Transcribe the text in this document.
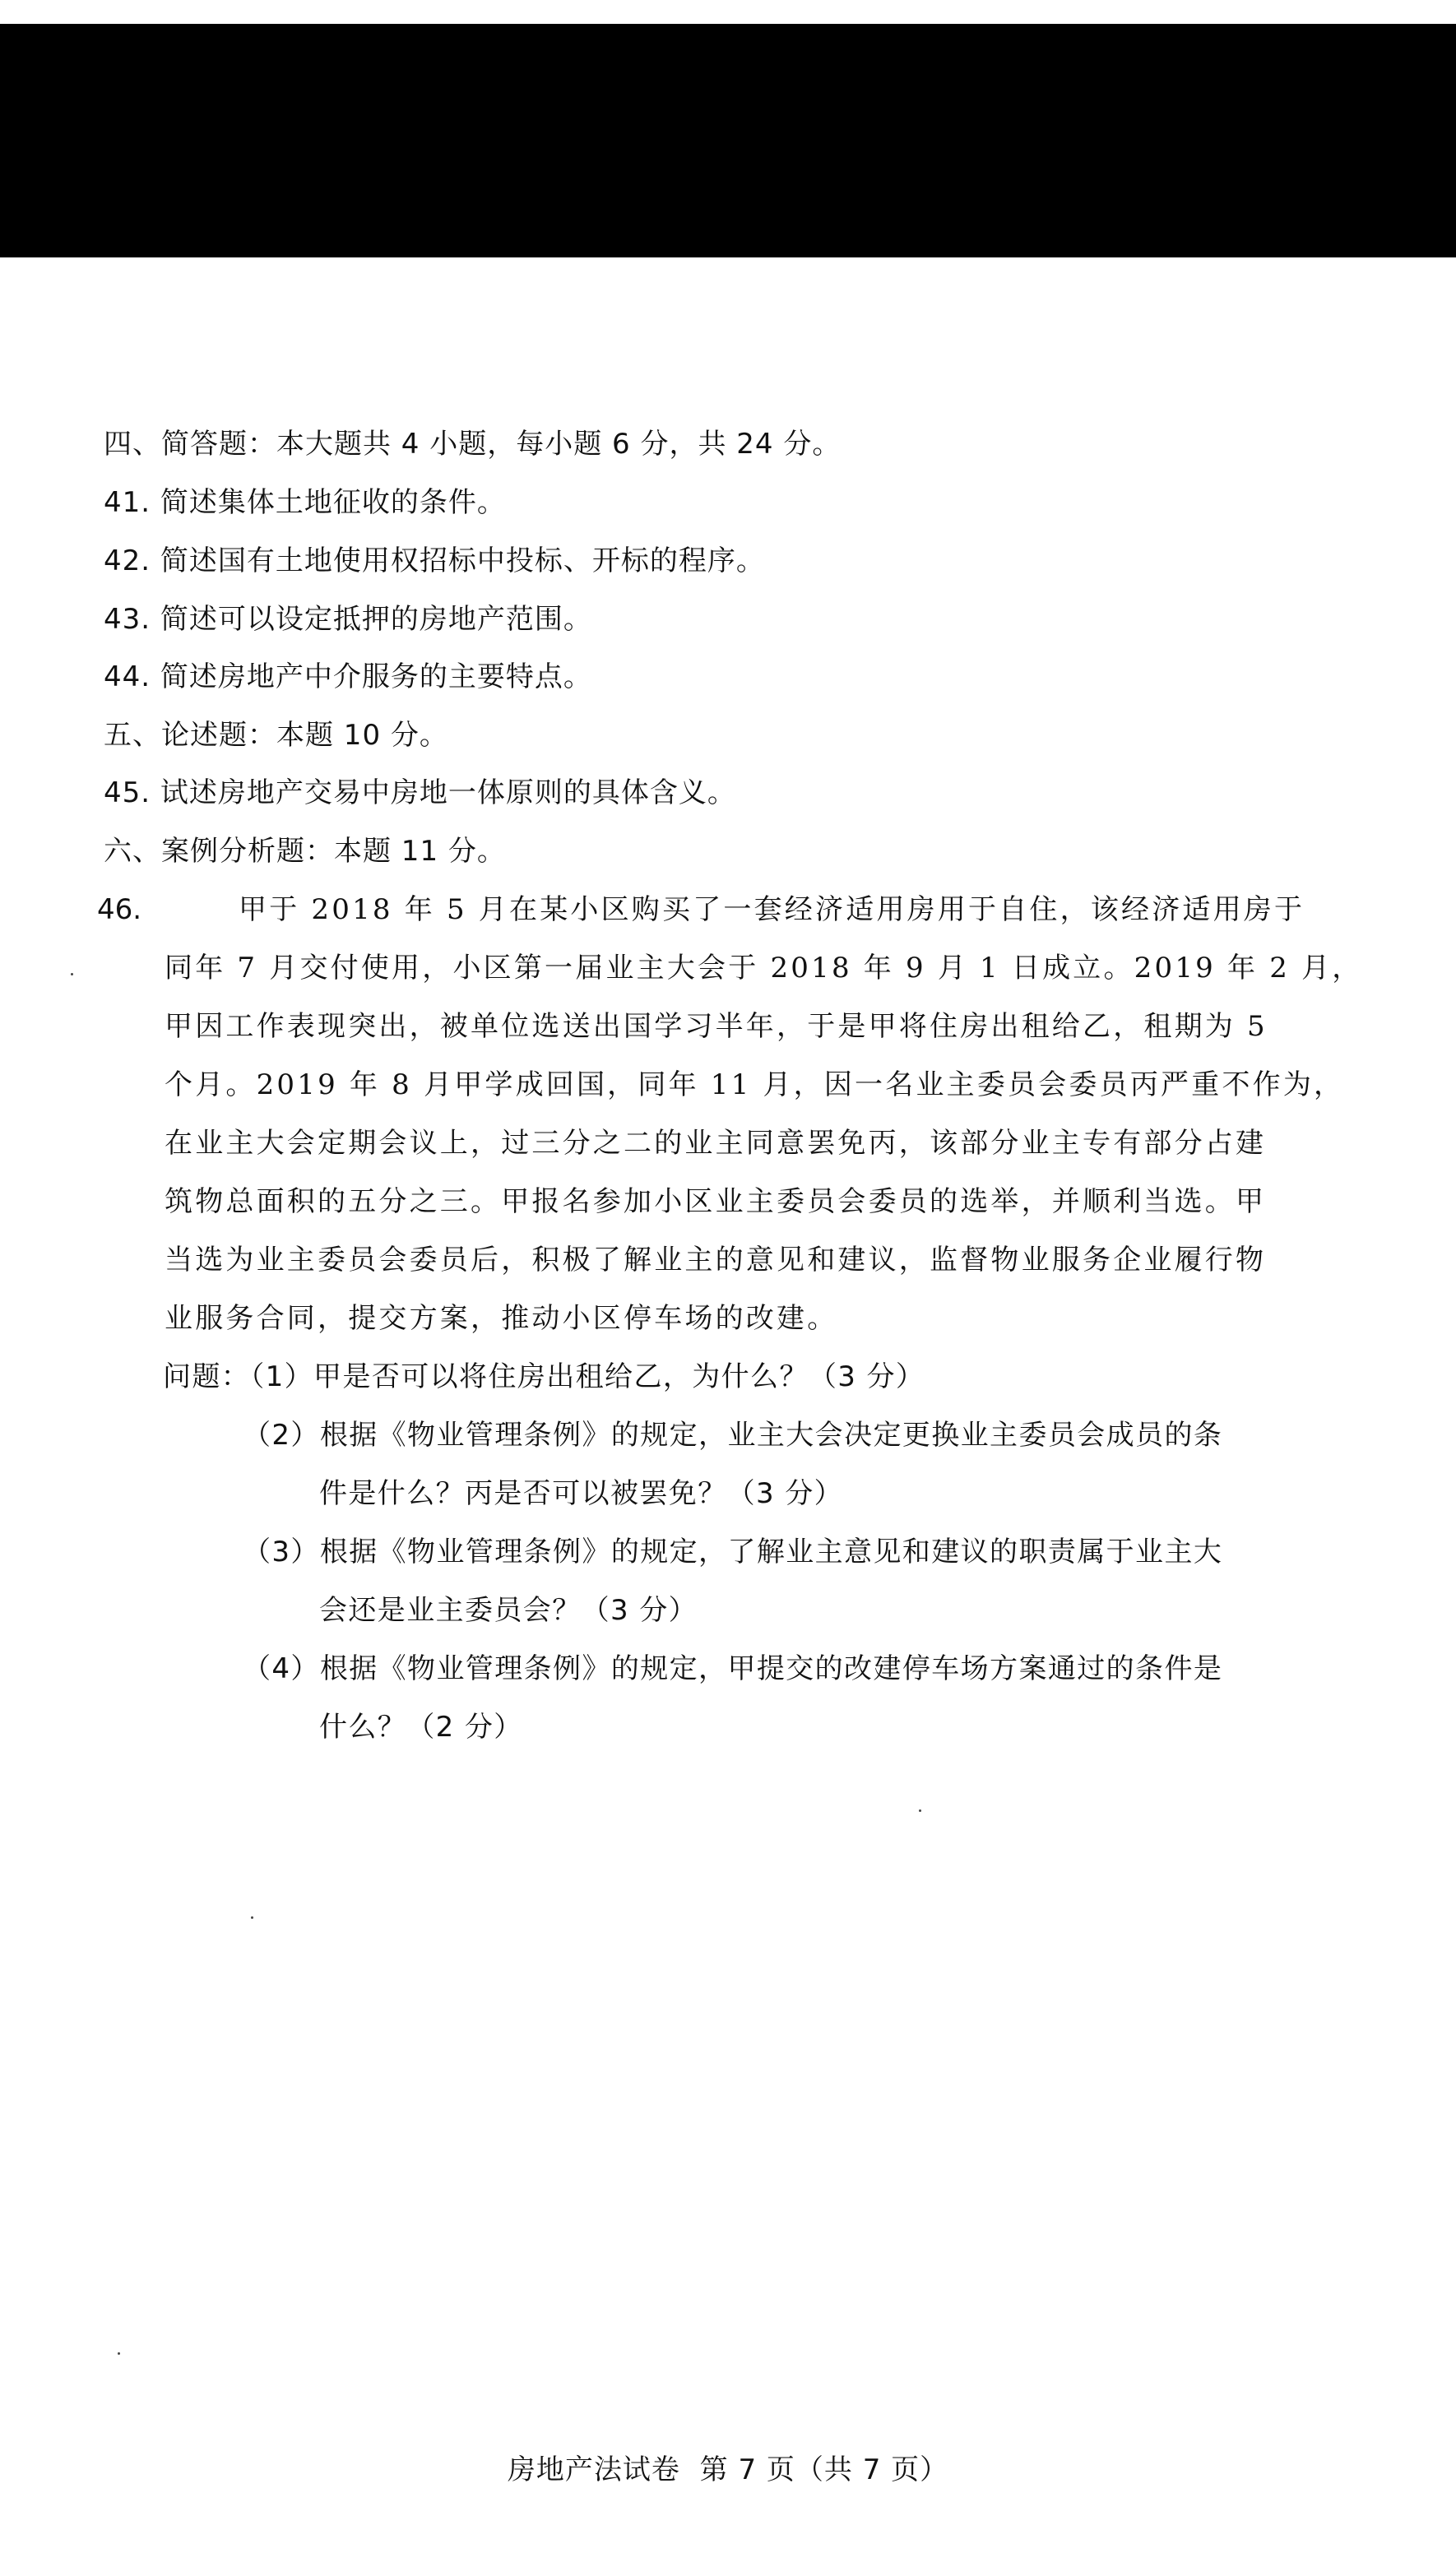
四、简答题：本大题共 4 小题，每小题 6 分，共 24 分。
41. 简述集体土地征收的条件。
42. 简述国有土地使用权招标中投标、开标的程序。
43. 简述可以设定抵押的房地产范围。
44. 简述房地产中介服务的主要特点。
五、论述题：本题 10 分。
45. 试述房地产交易中房地一体原则的具体含义。
六、案例分析题：本题 11 分。
46.	甲于 2018 年 5 月在某小区购买了一套经济适用房用于自住，该经济适用房于
同年 7 月交付使用，小区第一届业主大会于 2018 年 9 月 1 日成立。2019 年 2 月，
甲因工作表现突出，被单位选送出国学习半年，于是甲将住房出租给乙，租期为 5
个月。2019 年 8 月甲学成回国，同年 11 月，因一名业主委员会委员丙严重不作为，
在业主大会定期会议上，过三分之二的业主同意罢免丙，该部分业主专有部分占建
筑物总面积的五分之三。甲报名参加小区业主委员会委员的选举，并顺利当选。甲
当选为业主委员会委员后，积极了解业主的意见和建议，监督物业服务企业履行物
业服务合同，提交方案，推动小区停车场的改建。
问题：（1）甲是否可以将住房出租给乙，为什么？（3 分）
（2）根据《物业管理条例》的规定，业主大会决定更换业主委员会成员的条
件是什么？丙是否可以被罢免？（3 分）
（3）根据《物业管理条例》的规定，了解业主意见和建议的职责属于业主大
会还是业主委员会？（3 分）
（4）根据《物业管理条例》的规定，甲提交的改建停车场方案通过的条件是
什么？（2 分）
房地产法试卷 第 7 页（共 7 页）
